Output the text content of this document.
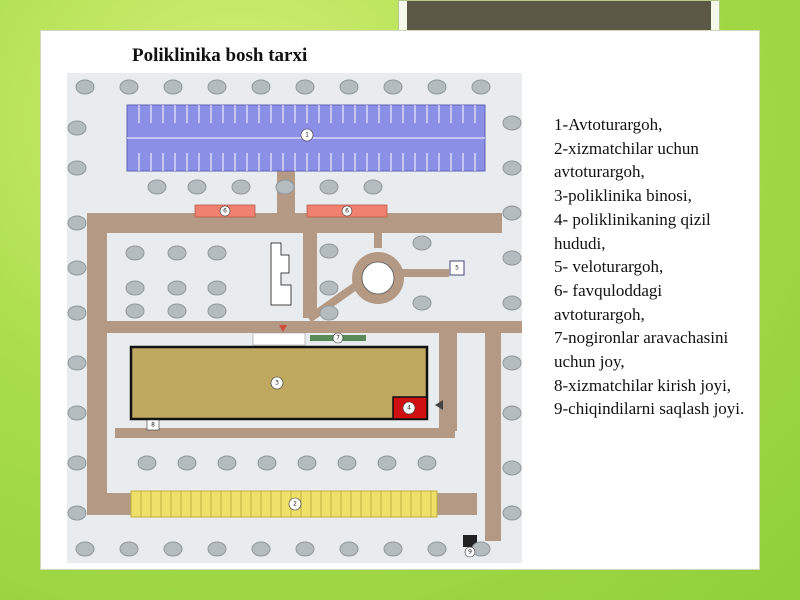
Poliklinika bosh tarxi
1
6	6
5
7
3
4
8
2
9
1-Avtoturargoh,
2-xizmatchilar uchun avtoturargoh,
3-poliklinika binosi,
4- poliklinikaning qizil hududi,
5- veloturargoh,
6- favquloddagi avtoturargoh,
7-nogironlar aravachasini uchun joy,
8-xizmatchilar kirish joyi,
9-chiqindilarni saqlash joyi.
